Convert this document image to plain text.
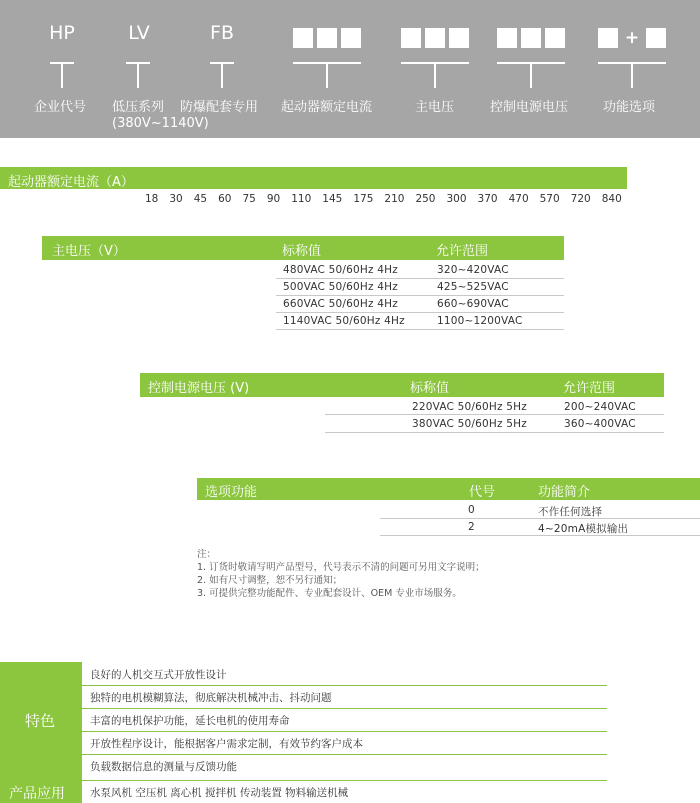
HP
企业代号
LV
低压系列
(380V~1140V)
FB
防爆配套专用 起动器额定电流	主电压	控制电源电压
+
功能选项
起动器额定电流（A）
18 30 45 60 75 90 110 145 175 210 250 300 370 470 570 720 840
主电压（V）	标称值	允许范围
480VAC 50/60Hz 4Hz	320~420VAC
500VAC 50/60Hz 4Hz	425~525VAC
660VAC 50/60Hz 4Hz	660~690VAC
1140VAC 50/60Hz 4Hz	1100~1200VAC
控制电源电压 (V)	标称值	允许范围
220VAC 50/60Hz 5Hz	200~240VAC
380VAC 50/60Hz 5Hz	360~400VAC
选项功能	代号	功能简介
0	不作任何选择
2	4~20mA模拟输出
注：
1. 订货时敬请写明产品型号，代号表示不清的问题可另用文字说明；
2. 如有尺寸调整，恕不另行通知；
3. 可提供完整功能配件、专业配套设计、OEM 专业市场服务。
特色
良好的人机交互式开放性设计
独特的电机模糊算法，彻底解决机械冲击、抖动问题
丰富的电机保护功能，延长电机的使用寿命
开放性程序设计，能根据客户需求定制，有效节约客户成本
负载数据信息的测量与反馈功能
产品应用 水泵风机 空压机 离心机 搅拌机 传动装置 物料输送机械
